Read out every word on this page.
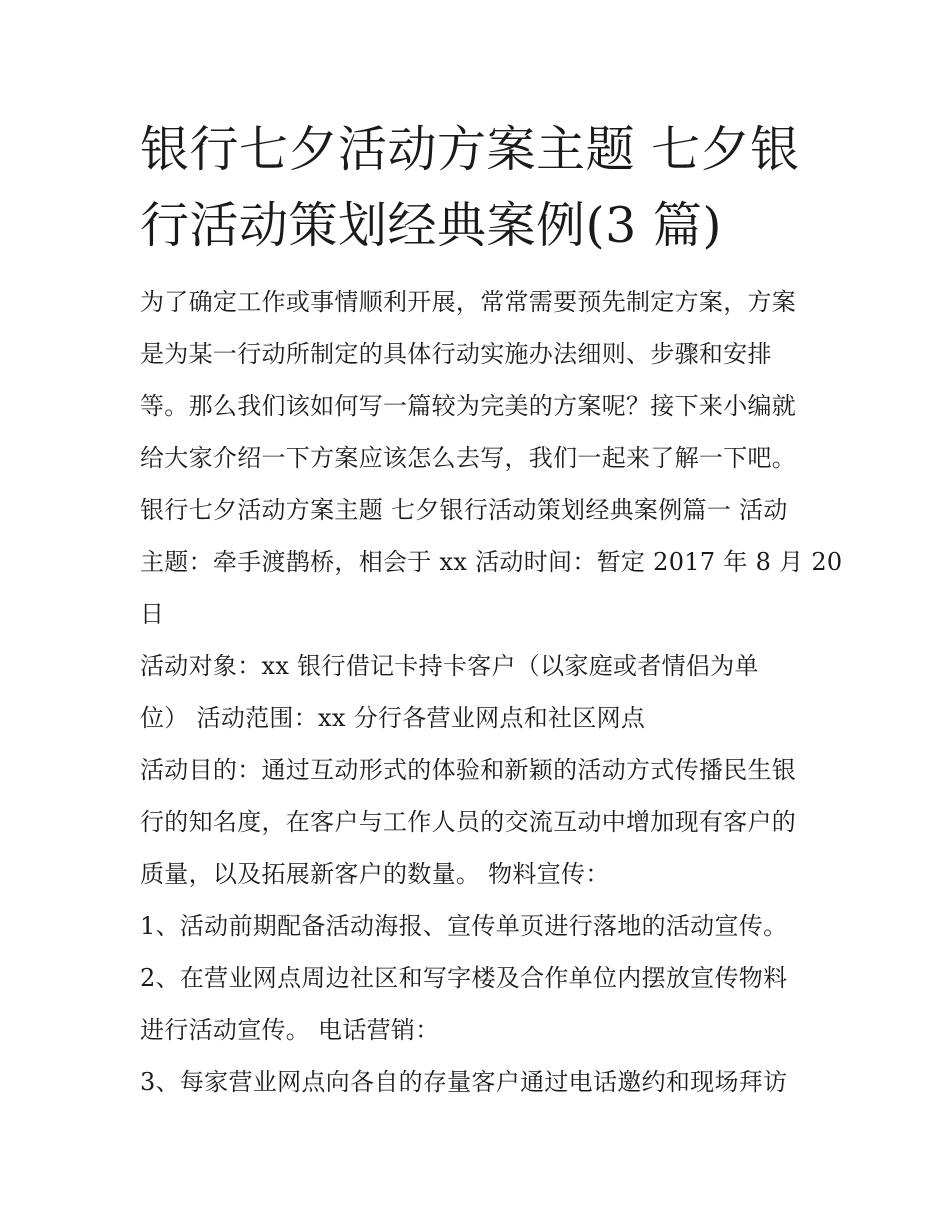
银行七夕活动方案主题 七夕银
行活动策划经典案例(3 篇)
为了确定工作或事情顺利开展，常常需要预先制定方案，方案
是为某一行动所制定的具体行动实施办法细则、步骤和安排
等。那么我们该如何写一篇较为完美的方案呢？接下来小编就
给大家介绍一下方案应该怎么去写，我们一起来了解一下吧。
银行七夕活动方案主题 七夕银行活动策划经典案例篇一 活动
主题：牵手渡鹊桥，相会于 xx 活动时间：暂定 2017 年 8 月 20
日
活动对象：xx 银行借记卡持卡客户（以家庭或者情侣为单
位） 活动范围：xx 分行各营业网点和社区网点
活动目的：通过互动形式的体验和新颖的活动方式传播民生银
行的知名度，在客户与工作人员的交流互动中增加现有客户的
质量，以及拓展新客户的数量。 物料宣传：
1、活动前期配备活动海报、宣传单页进行落地的活动宣传。
2、在营业网点周边社区和写字楼及合作单位内摆放宣传物料
进行活动宣传。 电话营销：
3、每家营业网点向各自的存量客户通过电话邀约和现场拜访
